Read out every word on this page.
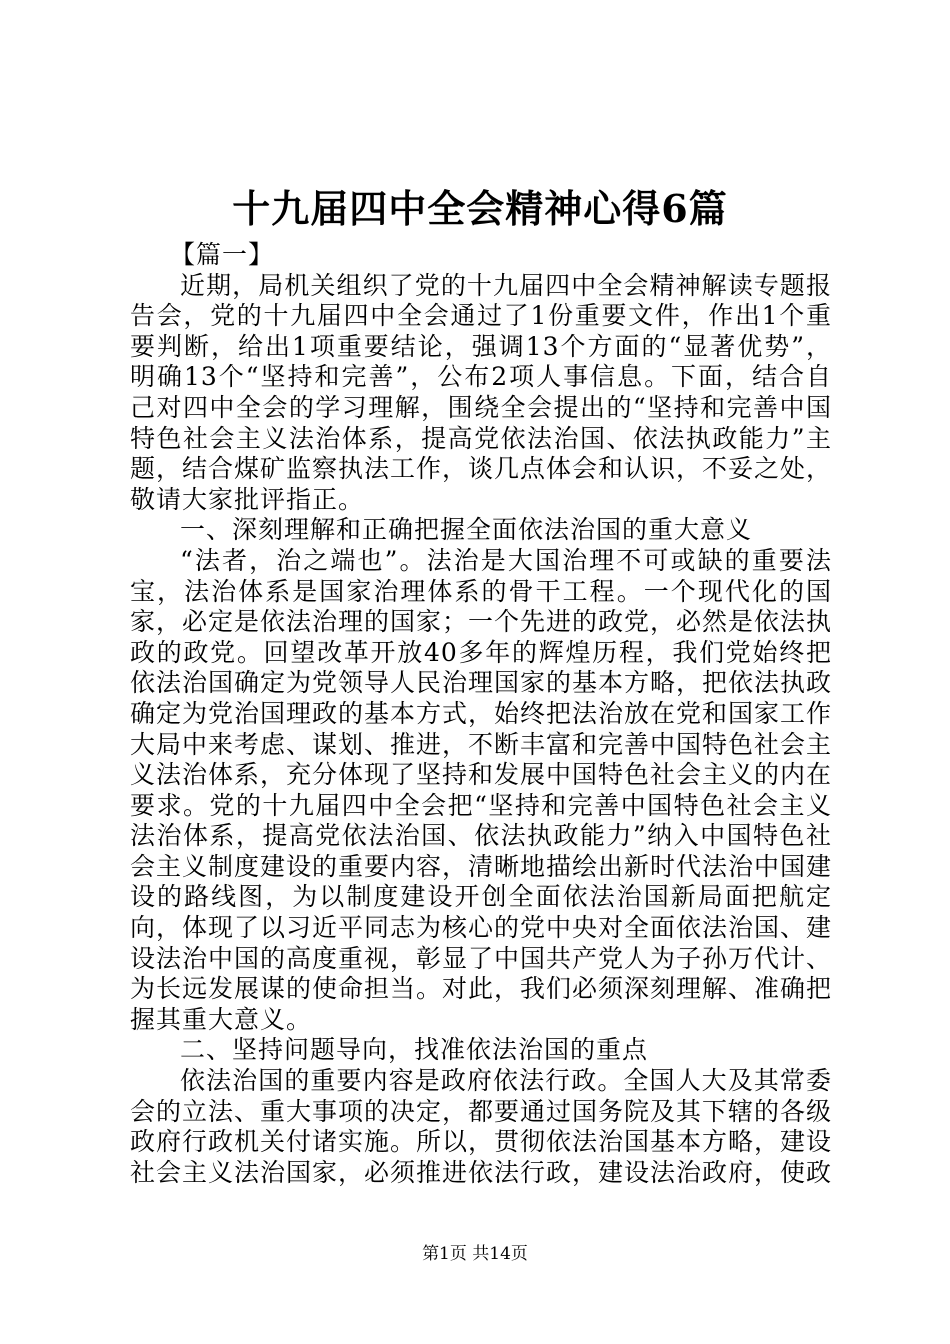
十九届四中全会精神心得6篇

【篇一】

近期，局机关组织了党的十九届四中全会精神解读专题报告会，党的十九届四中全会通过了1份重要文件，作出1个重要判断，给出1项重要结论，强调13个方面的“显著优势”，明确13个“坚持和完善”，公布2项人事信息。下面，结合自己对四中全会的学习理解，围绕全会提出的“坚持和完善中国特色社会主义法治体系，提高党依法治国、依法执政能力”主题，结合煤矿监察执法工作，谈几点体会和认识，不妥之处，敬请大家批评指正。

一、深刻理解和正确把握全面依法治国的重大意义

“法者，治之端也”。法治是大国治理不可或缺的重要法宝，法治体系是国家治理体系的骨干工程。一个现代化的国家，必定是依法治理的国家；一个先进的政党，必然是依法执政的政党。回望改革开放40多年的辉煌历程，我们党始终把依法治国确定为党领导人民治理国家的基本方略，把依法执政确定为党治国理政的基本方式，始终把法治放在党和国家工作大局中来考虑、谋划、推进，不断丰富和完善中国特色社会主义法治体系，充分体现了坚持和发展中国特色社会主义的内在要求。党的十九届四中全会把“坚持和完善中国特色社会主义法治体系，提高党依法治国、依法执政能力”纳入中国特色社会主义制度建设的重要内容，清晰地描绘出新时代法治中国建设的路线图，为以制度建设开创全面依法治国新局面把航定向，体现了以习近平同志为核心的党中央对全面依法治国、建设法治中国的高度重视，彰显了中国共产党人为子孙万代计、为长远发展谋的使命担当。对此，我们必须深刻理解、准确把握其重大意义。

二、坚持问题导向，找准依法治国的重点

依法治国的重要内容是政府依法行政。全国人大及其常委会的立法、重大事项的决定，都要通过国务院及其下辖的各级政府行政机关付诸实施。所以，贯彻依法治国基本方略，建设社会主义法治国家，必须推进依法行政，建设法治政府，使政

第1页 共14页
